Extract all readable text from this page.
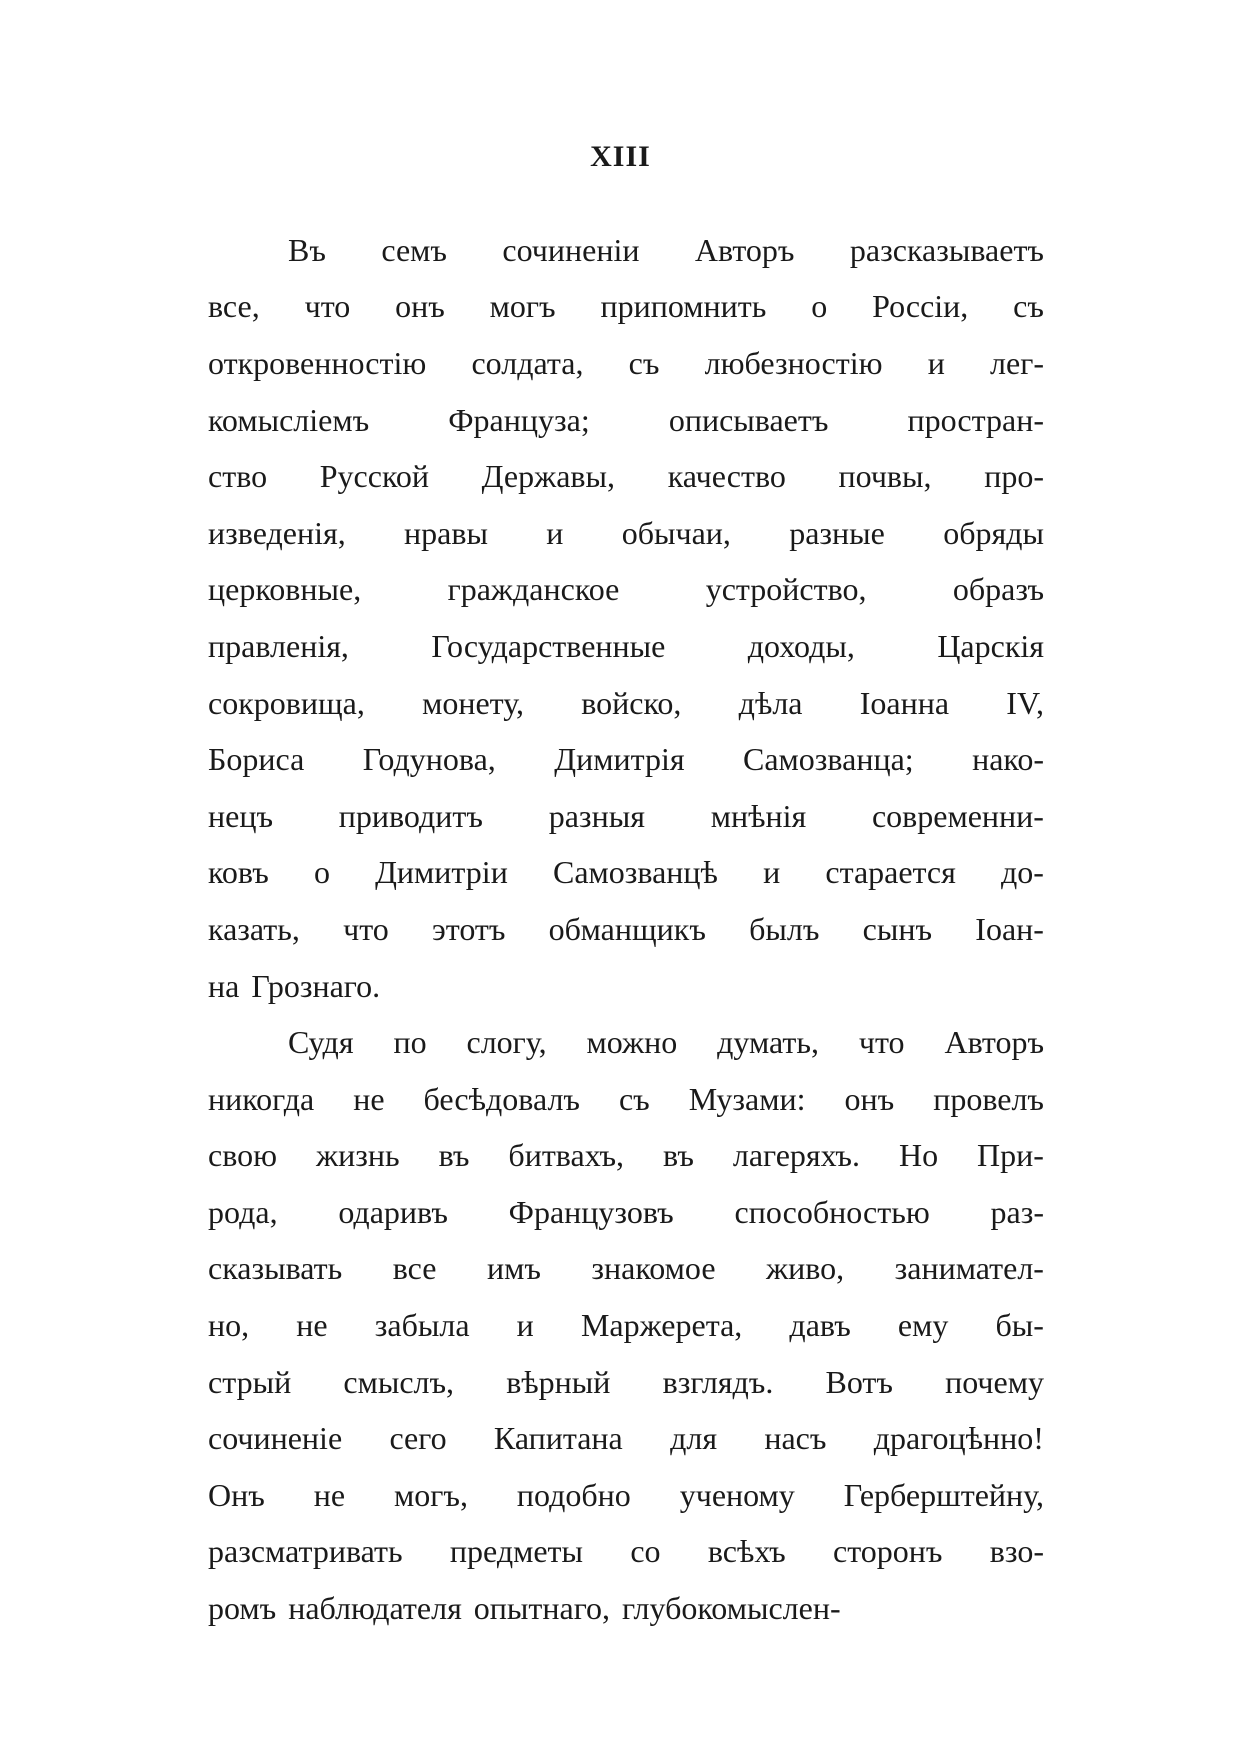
XIII
Въ семъ сочиненіи Авторъ разсказываетъ
все, что онъ могъ припомнить о Россіи, съ
откровенностію солдата, съ любезностію и лег-
комысліемъ Француза; описываетъ простран-
ство Русской Державы, качество почвы, про-
изведенія, нравы и обычаи, разные обряды
церковные,	гражданское	устройство,	образъ
правленія,	Государственные	доходы,	Царскія
сокровища, монету, войско, дѣла Іоанна IV,
Бориса Годунова, Димитрія Самозванца; нако-
нецъ приводитъ разныя мнѣнія современни-
ковъ о Димитріи Самозванцѣ и старается до-
казать, что этотъ обманщикъ былъ сынъ Іоан-
на Грознаго.
Судя по слогу, можно думать, что Авторъ
никогда не бесѣдовалъ съ Музами: онъ провелъ
свою жизнь въ битвахъ, въ лагеряхъ. Но При-
рода, одаривъ Французовъ способностью раз-
сказывать все имъ знакомое живо, занимател-
но, не забыла и Маржерета, давъ ему бы-
стрый смыслъ, вѣрный взглядъ. Вотъ почему
сочиненіе сего Капитана для насъ драгоцѣнно!
Онъ не могъ, подобно ученому Герберштейну,
разсматривать предметы со всѣхъ сторонъ взо-
ромъ наблюдателя опытнаго, глубокомыслен-
